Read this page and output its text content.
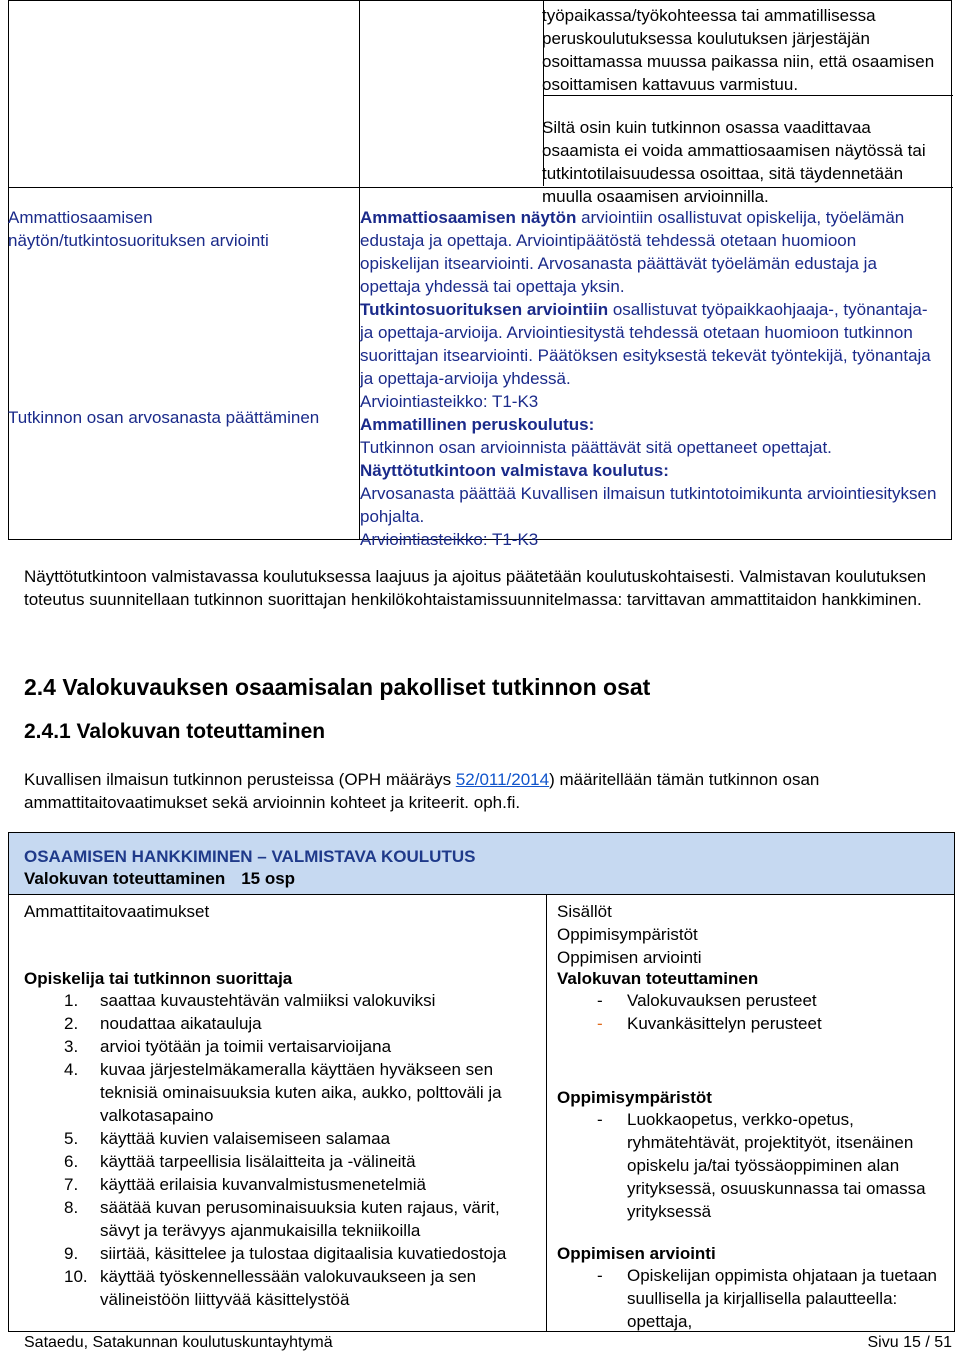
työpaikassa/työkohteessa tai ammatillisessa peruskoulutuksessa koulutuksen järjestäjän osoittamassa muussa paikassa niin, että osaamisen osoittamisen kattavuus varmistuu.
Siltä osin kuin tutkinnon osassa vaadittavaa osaamista ei voida ammattiosaamisen näytössä tai tutkintotilaisuudessa osoittaa, sitä täydennetään muulla osaamisen arvioinnilla.
Ammattiosaamisen näytön/tutkintosuorituksen arviointi
Tutkinnon osan arvosanasta päättäminen

Ammattiosaamisen näytön arviointiin osallistuvat opiskelija, työelämän edustaja ja opettaja. Arviointipäätöstä tehdessä otetaan huomioon opiskelijan itsearviointi. Arvosanasta päättävät työelämän edustaja ja opettaja yhdessä tai opettaja yksin.

Tutkintosuorituksen arviointiin osallistuvat työpaikkaohjaaja-, työnantaja- ja opettaja-arvioija. Arviointiesitystä tehdessä otetaan huomioon tutkinnon suorittajan itsearviointi. Päätöksen esityksestä tekevät työntekijä, työnantaja ja opettaja-arvioija yhdessä.

Arviointiasteikko: T1-K3

Ammatillinen peruskoulutus:

Tutkinnon osan arvioinnista päättävät sitä opettaneet opettajat.

Näyttötutkintoon valmistava koulutus:

Arvosanasta päättää Kuvallisen ilmaisun tutkintotoimikunta arviointiesityksen pohjalta.

Arviointiasteikko: T1-K3

Näyttötutkintoon valmistavassa koulutuksessa laajuus ja ajoitus päätetään koulutuskohtaisesti. Valmistavan koulutuksen toteutus suunnitellaan tutkinnon suorittajan henkilökohtaistamissuunnitelmassa: tarvittavan ammattitaidon hankkiminen.
2.4 Valokuvauksen osaamisalan pakolliset tutkinnon osat
2.4.1 Valokuvan toteuttaminen
Kuvallisen ilmaisun tutkinnon perusteissa (OPH määräys 52/011/2014) määritellään tämän tutkinnon osan ammattitaitovaatimukset sekä arvioinnin kohteet ja kriteerit. oph.fi.
OSAAMISEN HANKKIMINEN – VALMISTAVA KOULUTUS
Valokuvan toteuttaminen 15 osp
Ammattitaitovaatimukset
Opiskelija tai tutkinnon suorittaja
1. saattaa kuvaustehtävän valmiiksi valokuviksi
2. noudattaa aikatauluja
3. arvioi työtään ja toimii vertaisarvioijana
4. kuvaa järjestelmäkameralla käyttäen hyväkseen sen teknisiä ominaisuuksia kuten aika, aukko, polttoväli ja valkotasapaino
5. käyttää kuvien valaisemiseen salamaa
6. käyttää tarpeellisia lisälaitteita ja -välineitä
7. käyttää erilaisia kuvanvalmistusmenetelmiä
8. säätää kuvan perusominaisuuksia kuten rajaus, värit, sävyt ja terävyys ajanmukaisilla tekniikoilla
9. siirtää, käsittelee ja tulostaa digitaalisia kuvatiedostoja
10. käyttää työskennellessään valokuvaukseen ja sen välineistöön liittyvää käsittelystöä
Sisällöt
Oppimisympäristöt
Oppimisen arviointi
Valokuvan toteuttaminen
- Valokuvauksen perusteet
- Kuvankäsittelyn perusteet
Oppimisympäristöt
- Luokkaopetus, verkko-opetus, ryhmätehtävät, projektityöt, itsenäinen opiskelu ja/tai työssäoppiminen alan yrityksessä, osuuskunnassa tai omassa yrityksessä
Oppimisen arviointi
- Opiskelijan oppimista ohjataan ja tuetaan suullisella ja kirjallisella palautteella: opettaja,
Sataedu, Satakunnan koulutuskuntayhtymä	Sivu 15 / 51
